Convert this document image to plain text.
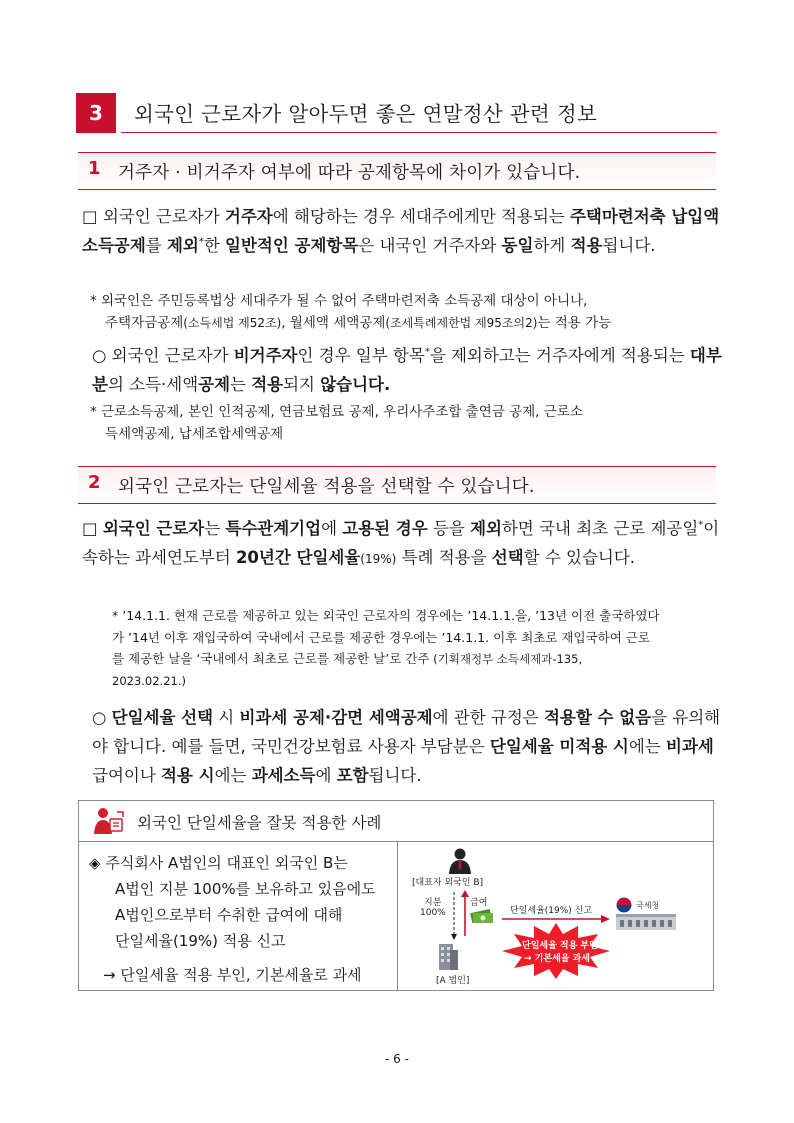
3	외국인 근로자가 알아두면 좋은 연말정산 관련 정보
1 거주자 · 비거주자 여부에 따라 공제항목에 차이가 있습니다.
□ 외국인 근로자가 거주자에 해당하는 경우 세대주에게만 적용되는 주택마련저축 납입액 소득공제를 제외*한 일반적인 공제항목은 내국인 거주자와 동일하게 적용됩니다.
* 외국인은 주민등록법상 세대주가 될 수 없어 주택마련저축 소득공제 대상이 아니나,
주택자금공제(소득세법 제52조), 월세액 세액공제(조세특례제한법 제95조의2)는 적용 가능
○ 외국인 근로자가 비거주자인 경우 일부 항목*을 제외하고는 거주자에게 적용되는 대부분의 소득·세액공제는 적용되지 않습니다.
* 근로소득공제, 본인 인적공제, 연금보험료 공제, 우리사주조합 출연금 공제, 근로소
득세액공제, 납세조합세액공제
2 외국인 근로자는 단일세율 적용을 선택할 수 있습니다.
□ 외국인 근로자는 특수관계기업에 고용된 경우 등을 제외하면 국내 최초 근로 제공일*이 속하는 과세연도부터 20년간 단일세율(19%) 특례 적용을 선택할 수 있습니다.
* ’14.1.1. 현재 근로를 제공하고 있는 외국인 근로자의 경우에는 ’14.1.1.을, ’13년 이전 출국하였다
가 ’14년 이후 재입국하여 국내에서 근로를 제공한 경우에는 ’14.1.1. 이후 최초로 재입국하여 근로
를 제공한 날을 ‘국내에서 최초로 근로를 제공한 날’로 간주 (기획재정부 소득세제과-135,
2023.02.21.)
○ 단일세율 선택 시 비과세 공제·감면 세액공제에 관한 규정은 적용할 수 없음을 유의해야 합니다. 예를 들면, 국민건강보험료 사용자 부담분은 단일세율 미적용 시에는 비과세 급여이나 적용 시에는 과세소득에 포함됩니다.
외국인 단일세율을 잘못 적용한 사례
◈ 주식회사 A법인의 대표인 외국인 B는
A법인 지분 100%를 보유하고 있음에도
A법인으로부터 수취한 급여에 대해
단일세율(19%) 적용 신고
→ 단일세율 적용 부인, 기본세율로 과세
[대표자 외국인 B]
지분
100%
급여
[A 법인]
단일세율(19%) 신고
국세청
단일세율 적용 부인
→ 기본세율 과세
- 6 -
